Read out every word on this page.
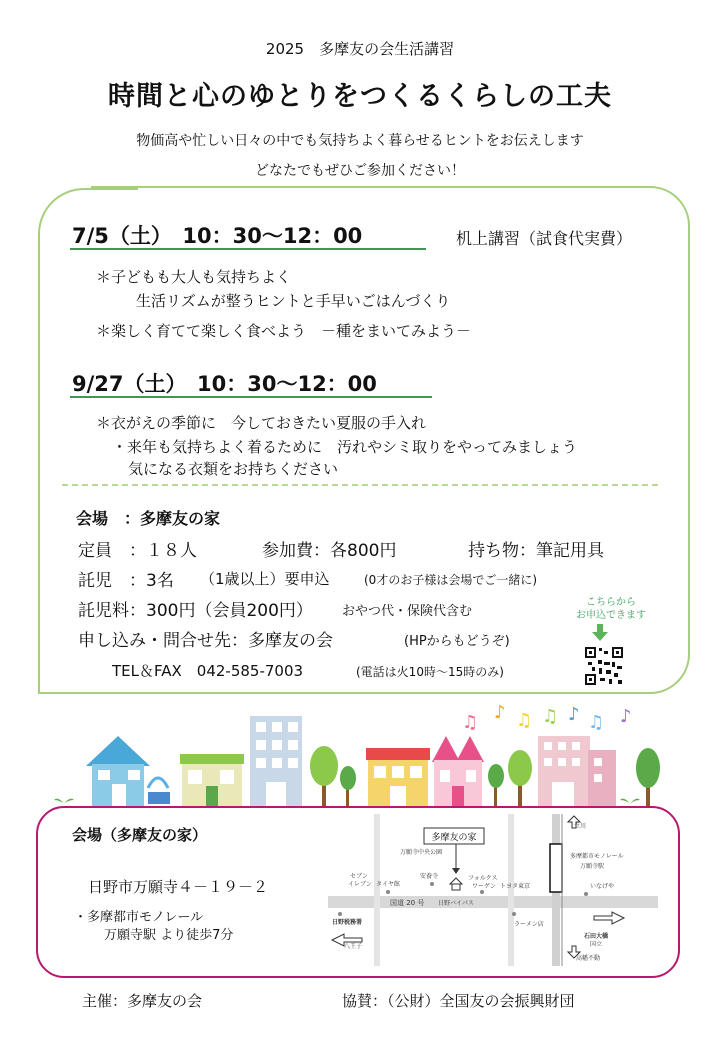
2025　多摩友の会生活講習
時間と心のゆとりをつくるくらしの工夫
物価高や忙しい日々の中でも気持ちよく暮らせるヒントをお伝えします
どなたでもぜひご参加ください！
7/5（土）　10：30〜12：00	机上講習（試食代実費）
＊子どもも大人も気持ちよく
生活リズムが整うヒントと手早いごはんづくり
＊楽しく育てて楽しく食べよう　－種をまいてみよう－
9/27（土）　10：30〜12：00
＊衣がえの季節に　今しておきたい夏服の手入れ
・来年も気持ちよく着るために　汚れやシミ取りをやってみましょう
気になる衣類をお持ちください
会場　：多摩友の家
定員　：１８人	参加費：各800円	持ち物：筆記用具
託児　：3名 （1歳以上）要申込	(0才のお子様は会場でご一緒に)
託児料：300円（会員200円） おやつ代・保険代含む
申し込み・問合せ先：多摩友の会	(HPからもどうぞ)
TEL＆FAX　042-585-7003	(電話は火10時〜15時のみ)
こちらから
お申込できます
♫ ♪ ♫ ♫ ♪ ♫ ♪
会場（多摩友の家）
日野市万願寺４－１９－２
・多摩都市モノレール
万願寺駅 より徒歩7分
多摩友の家
万願寺中央公園
セブン
イレブン タイヤ館
安養寺	フォルクス
ワーゲン トヨタ東京
国道 20 号 日野バイパス
日野税務署
八王子
ラーメン店
立川
多摩都市モノレール
万願寺駅
いなげや
石田大橋
国立
高幡不動
主催：多摩友の会	協賛：（公財）全国友の会振興財団
